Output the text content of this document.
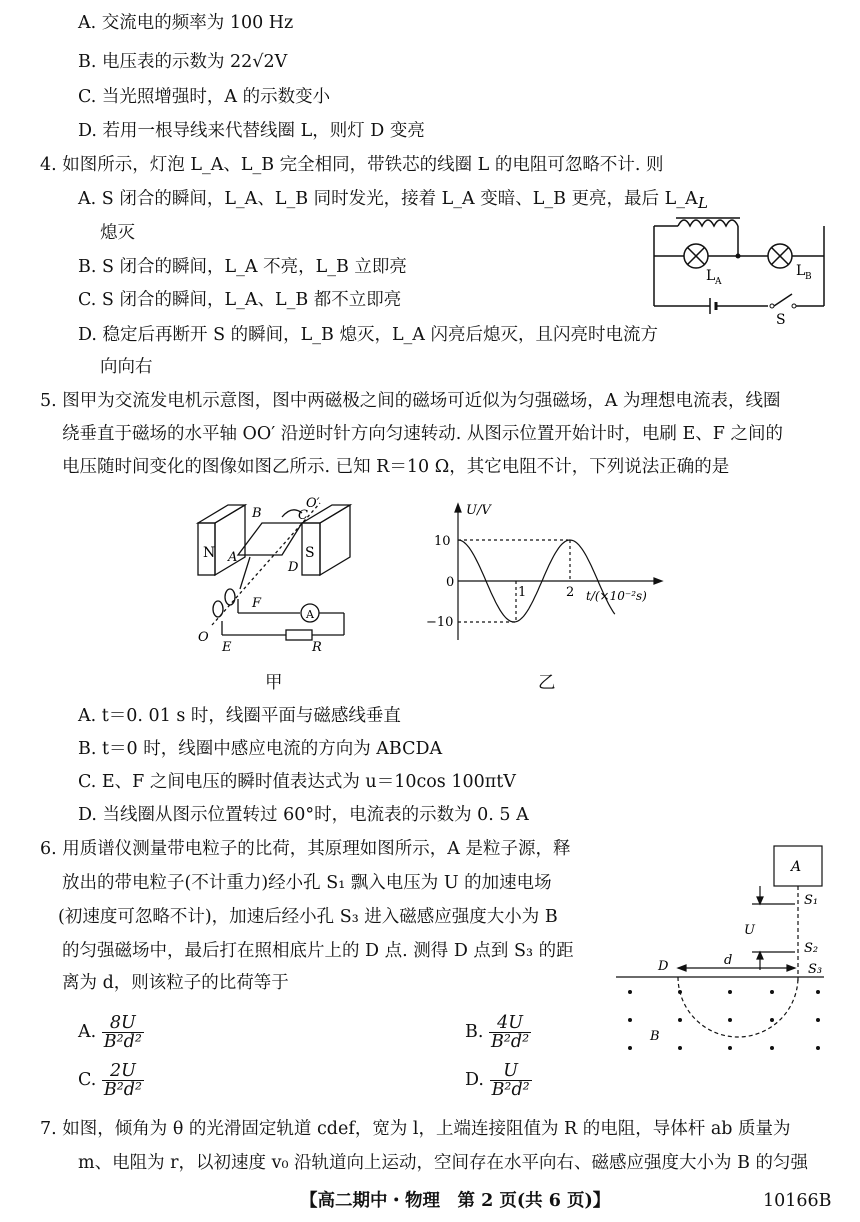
A. 交流电的频率为 100 Hz
B. 电压表的示数为 22√2V
C. 当光照增强时，A 的示数变小
D. 若用一根导线来代替线圈 L，则灯 D 变亮
4. 如图所示，灯泡 L_A、L_B 完全相同，带铁芯的线圈 L 的电阻可忽略不计. 则
A. S 闭合的瞬间，L_A、L_B 同时发光，接着 L_A 变暗、L_B 更亮，最后 L_A
熄灭
B. S 闭合的瞬间，L_A 不亮，L_B 立即亮
C. S 闭合的瞬间，L_A、L_B 都不立即亮
D. 稳定后再断开 S 的瞬间，L_B 熄灭，L_A 闪亮后熄灭，且闪亮时电流方
向向右
L
L A
L B
S
5. 图甲为交流发电机示意图，图中两磁极之间的磁场可近似为匀强磁场，A 为理想电流表，线圈
绕垂直于磁场的水平轴 OO′ 沿逆时针方向匀速转动. 从图示位置开始计时，电刷 E、F 之间的
电压随时间变化的图像如图乙所示. 已知 R＝10 Ω，其它电阻不计，下列说法正确的是
N	S
A
B	C
D
O′
O
E
F
R
A
U/V
10
0
−10
1	2 t/(×10⁻²s)
甲	乙
A. t＝0. 01 s 时，线圈平面与磁感线垂直
B. t＝0 时，线圈中感应电流的方向为 ABCDA
C. E、F 之间电压的瞬时值表达式为 u＝10cos 100πtV
D. 当线圈从图示位置转过 60°时，电流表的示数为 0. 5 A
6. 用质谱仪测量带电粒子的比荷，其原理如图所示，A 是粒子源，释
放出的带电粒子(不计重力)经小孔 S₁ 飘入电压为 U 的加速电场
(初速度可忽略不计)，加速后经小孔 S₃ 进入磁感应强度大小为 B
的匀强磁场中，最后打在照相底片上的 D 点. 测得 D 点到 S₃ 的距
离为 d，则该粒子的比荷等于
A. $\frac{8U}{\text{B²d²}}$	B. $\frac{4U}{\text{B²d²}}$
C. $\frac{2U}{\text{B²d²}}$	D. $\frac{U}{\text{B²d²}}$
A
S₁
S₂
S₃
U
D	d
B
7. 如图，倾角为 θ 的光滑固定轨道 cdef，宽为 l，上端连接阻值为 R 的电阻，导体杆 ab 质量为
m、电阻为 r，以初速度 v₀ 沿轨道向上运动，空间存在水平向右、磁感应强度大小为 B 的匀强
【高二期中・物理　第 2 页(共 6 页)】	10166B
